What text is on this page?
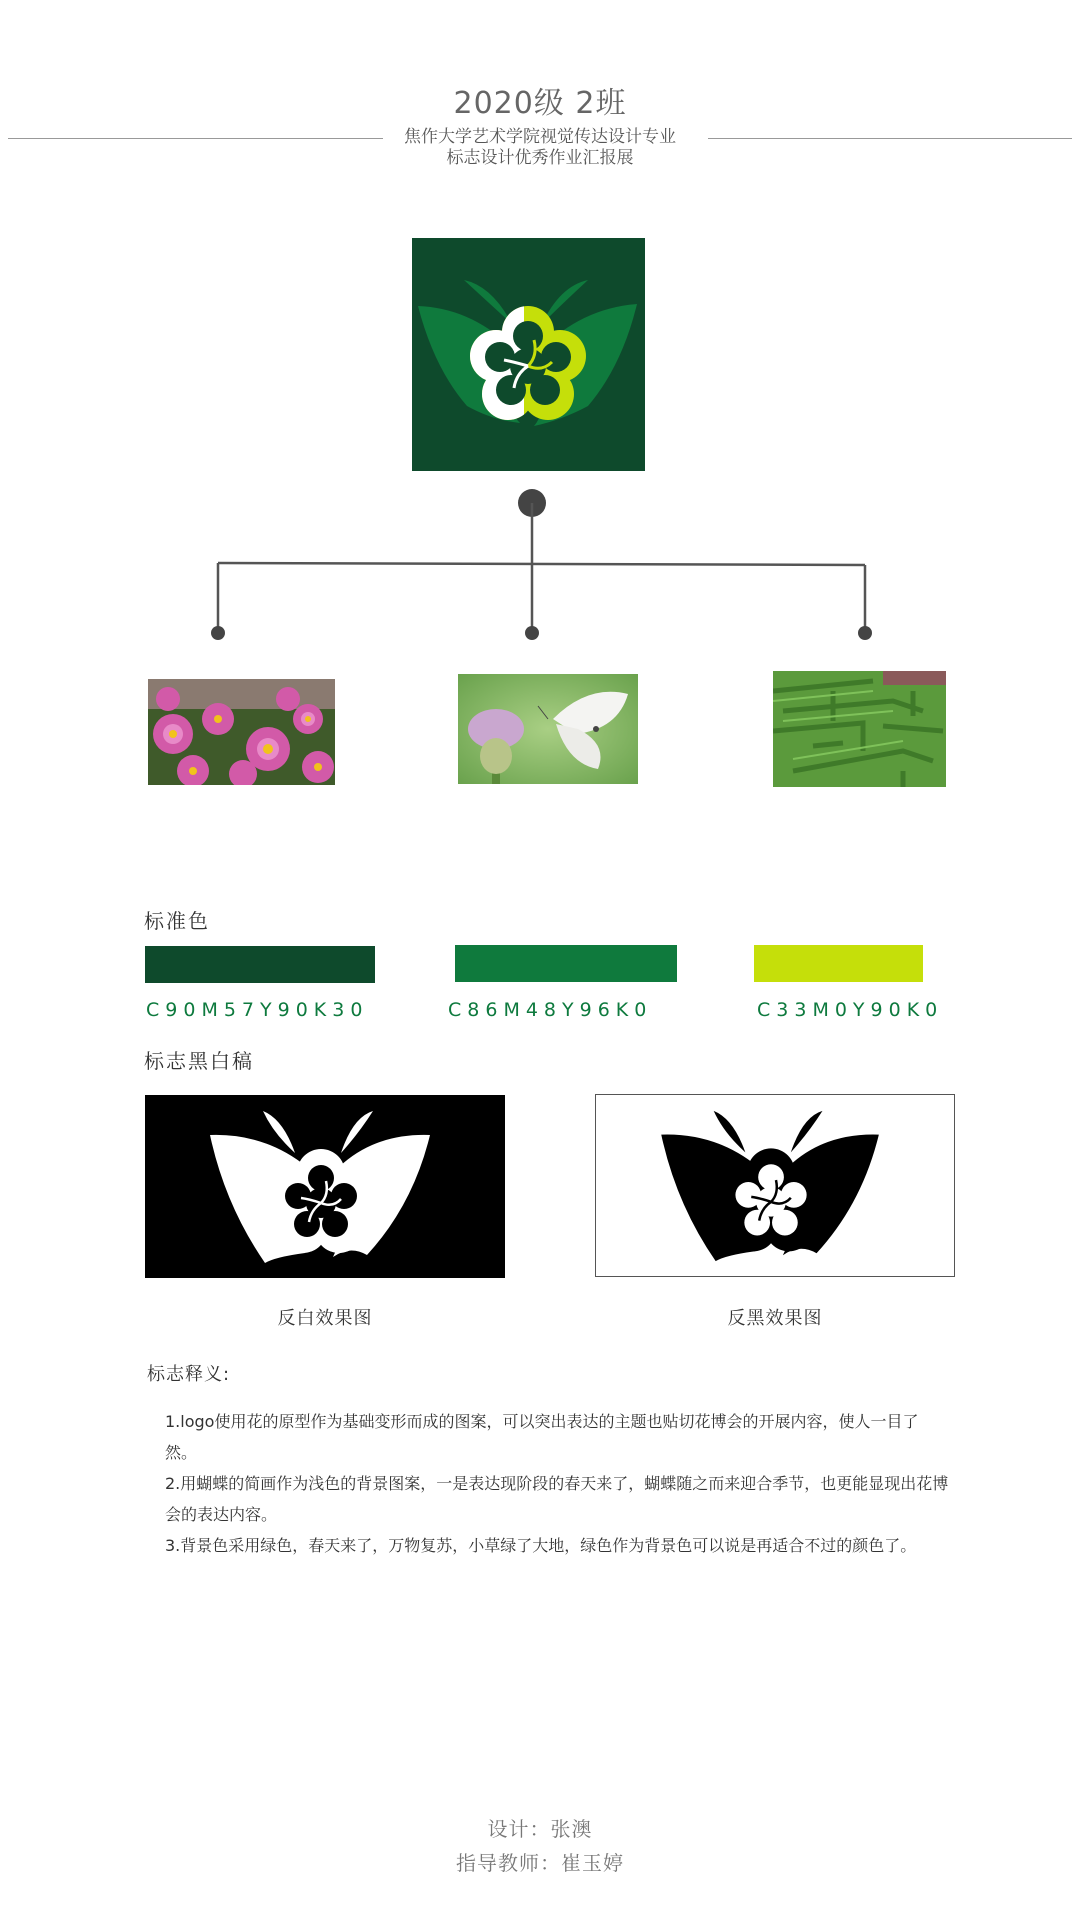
2020级 2班
焦作大学艺术学院视觉传达设计专业
标志设计优秀作业汇报展
标准色
C90M57Y90K30	C86M48Y96K0	C33M0Y90K0
标志黑白稿
反白效果图	反黑效果图
标志释义:

1.logo使用花的原型作为基础变形而成的图案，可以突出表达的主题也贴切花博会的开展内容，使人一目了然。

2.用蝴蝶的简画作为浅色的背景图案，一是表达现阶段的春天来了，蝴蝶随之而来迎合季节，也更能显现出花博会的表达内容。

3.背景色采用绿色，春天来了，万物复苏，小草绿了大地，绿色作为背景色可以说是再适合不过的颜色了。

设计：张澳
指导教师：崔玉婷
